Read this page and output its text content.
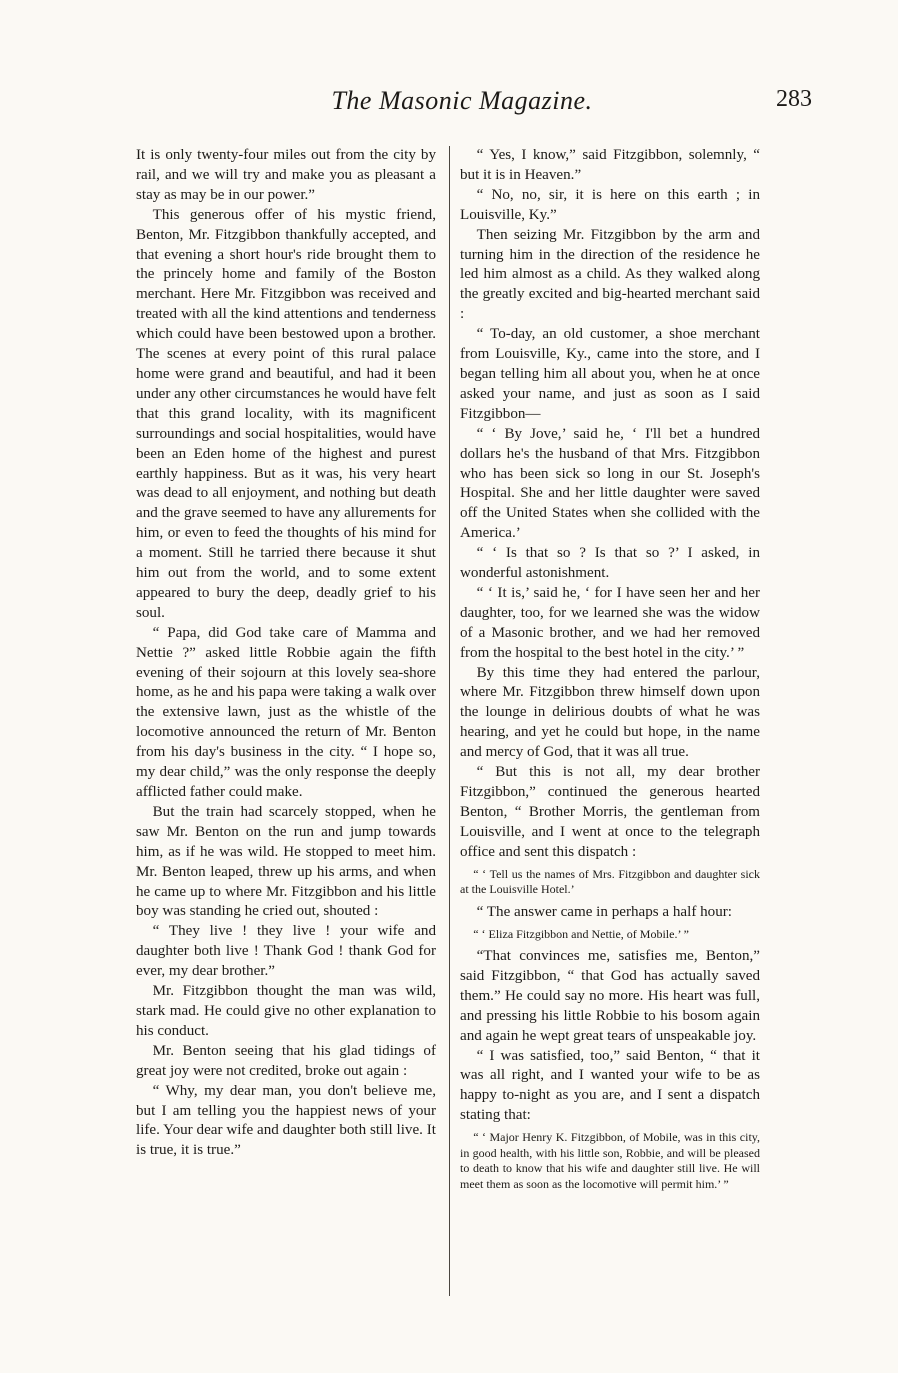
The Masonic Magazine.	283

It is only twenty-four miles out from the city by rail, and we will try and make you as pleasant a stay as may be in our power.”

This generous offer of his mystic friend, Benton, Mr. Fitzgibbon thankfully accepted, and that evening a short hour's ride brought them to the princely home and family of the Boston merchant. Here Mr. Fitzgibbon was received and treated with all the kind attentions and tenderness which could have been bestowed upon a brother. The scenes at every point of this rural palace home were grand and beautiful, and had it been under any other circumstances he would have felt that this grand locality, with its magnificent surroundings and social hospitalities, would have been an Eden home of the highest and purest earthly happiness. But as it was, his very heart was dead to all enjoyment, and nothing but death and the grave seemed to have any allurements for him, or even to feed the thoughts of his mind for a moment. Still he tarried there because it shut him out from the world, and to some extent appeared to bury the deep, deadly grief to his soul.

“ Papa, did God take care of Mamma and Nettie ?” asked little Robbie again the fifth evening of their sojourn at this lovely sea-shore home, as he and his papa were taking a walk over the extensive lawn, just as the whistle of the locomotive announced the return of Mr. Benton from his day's business in the city. “ I hope so, my dear child,” was the only response the deeply afflicted father could make.

But the train had scarcely stopped, when he saw Mr. Benton on the run and jump towards him, as if he was wild. He stopped to meet him. Mr. Benton leaped, threw up his arms, and when he came up to where Mr. Fitzgibbon and his little boy was standing he cried out, shouted :

“ They live ! they live ! your wife and daughter both live ! Thank God ! thank God for ever, my dear brother.”

Mr. Fitzgibbon thought the man was wild, stark mad. He could give no other explanation to his conduct.

Mr. Benton seeing that his glad tidings of great joy were not credited, broke out again :

“ Why, my dear man, you don't believe me, but I am telling you the happiest news of your life. Your dear wife and daughter both still live. It is true, it is true.”

“ Yes, I know,” said Fitzgibbon, solemnly, “ but it is in Heaven.”

“ No, no, sir, it is here on this earth ; in Louisville, Ky.”

Then seizing Mr. Fitzgibbon by the arm and turning him in the direction of the residence he led him almost as a child. As they walked along the greatly excited and big-hearted merchant said :

“ To-day, an old customer, a shoe merchant from Louisville, Ky., came into the store, and I began telling him all about you, when he at once asked your name, and just as soon as I said Fitzgibbon—

“ ‘ By Jove,’ said he, ‘ I'll bet a hundred dollars he's the husband of that Mrs. Fitzgibbon who has been sick so long in our St. Joseph's Hospital. She and her little daughter were saved off the United States when she collided with the America.’

“ ‘ Is that so ? Is that so ?’ I asked, in wonderful astonishment.

“ ‘ It is,’ said he, ‘ for I have seen her and her daughter, too, for we learned she was the widow of a Masonic brother, and we had her removed from the hospital to the best hotel in the city.’ ”

By this time they had entered the parlour, where Mr. Fitzgibbon threw himself down upon the lounge in delirious doubts of what he was hearing, and yet he could but hope, in the name and mercy of God, that it was all true.

“ But this is not all, my dear brother Fitzgibbon,” continued the generous hearted Benton, “ Brother Morris, the gentleman from Louisville, and I went at once to the telegraph office and sent this dispatch :

“ ‘ Tell us the names of Mrs. Fitzgibbon and daughter sick at the Louisville Hotel.’

“ The answer came in perhaps a half hour:

“ ‘ Eliza Fitzgibbon and Nettie, of Mobile.’ ”

“That convinces me, satisfies me, Benton,” said Fitzgibbon, “ that God has actually saved them.” He could say no more. His heart was full, and pressing his little Robbie to his bosom again and again he wept great tears of unspeakable joy.

“ I was satisfied, too,” said Benton, “ that it was all right, and I wanted your wife to be as happy to-night as you are, and I sent a dispatch stating that:

“ ‘ Major Henry K. Fitzgibbon, of Mobile, was in this city, in good health, with his little son, Robbie, and will be pleased to death to know that his wife and daughter still live. He will meet them as soon as the locomotive will permit him.’ ”
